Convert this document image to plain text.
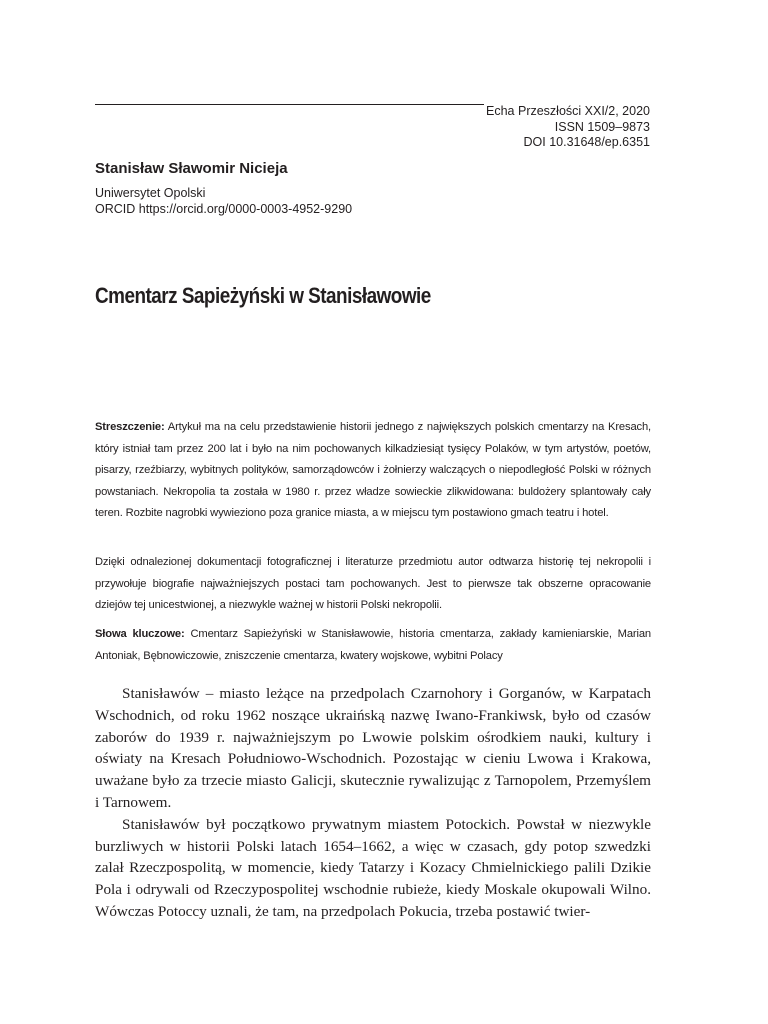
Echa Przeszłości XXI/2, 2020
ISSN 1509–9873
DOI 10.31648/ep.6351
Stanisław Sławomir Nicieja
Uniwersytet Opolski
ORCID https://orcid.org/0000-0003-4952-9290
Cmentarz Sapieżyński w Stanisławowie
Streszczenie: Artykuł ma na celu przedstawienie historii jednego z największych polskich cmentarzy na Kresach, który istniał tam przez 200 lat i było na nim pochowanych kilkadziesiąt tysięcy Polaków, w tym artystów, poetów, pisarzy, rzeźbiarzy, wybitnych polityków, samorządowców i żołnierzy walczących o niepodległość Polski w różnych powstaniach. Nekropolia ta została w 1980 r. przez władze sowieckie zlikwidowana: buldożery splantowały cały teren. Rozbite nagrobki wywieziono poza granice miasta, a w miejscu tym postawiono gmach teatru i hotel.
Dzięki odnalezionej dokumentacji fotograficznej i literaturze przedmiotu autor odtwarza historię tej nekropolii i przywołuje biografie najważniejszych postaci tam pochowanych. Jest to pierwsze tak obszerne opracowanie dziejów tej unicestwionej, a niezwykle ważnej w historii Polski nekropolii.
Słowa kluczowe: Cmentarz Sapieżyński w Stanisławowie, historia cmentarza, zakłady kamieniarskie, Marian Antoniak, Bębnowiczowie, zniszczenie cmentarza, kwatery wojskowe, wybitni Polacy

Stanisławów – miasto leżące na przedpolach Czarnohory i Gorganów, w Karpatach Wschodnich, od roku 1962 noszące ukraińską nazwę Iwano-Frankiwsk, było od czasów zaborów do 1939 r. najważniejszym po Lwowie polskim ośrodkiem nauki, kultury i oświaty na Kresach Południowo-Wschodnich. Pozostając w cieniu Lwowa i Krakowa, uważane było za trzecie miasto Galicji, skutecznie rywalizując z Tarnopolem, Przemyślem i Tarnowem.

Stanisławów był początkowo prywatnym miastem Potockich. Powstał w niezwykle burzliwych w historii Polski latach 1654–1662, a więc w czasach, gdy potop szwedzki zalał Rzeczpospolitą, w momencie, kiedy Tatarzy i Kozacy Chmielnickiego palili Dzikie Pola i odrywali od Rzeczypospolitej wschodnie rubieże, kiedy Moskale okupowali Wilno. Wówczas Potoccy uznali, że tam, na przedpolach Pokucia, trzeba postawić twier-
